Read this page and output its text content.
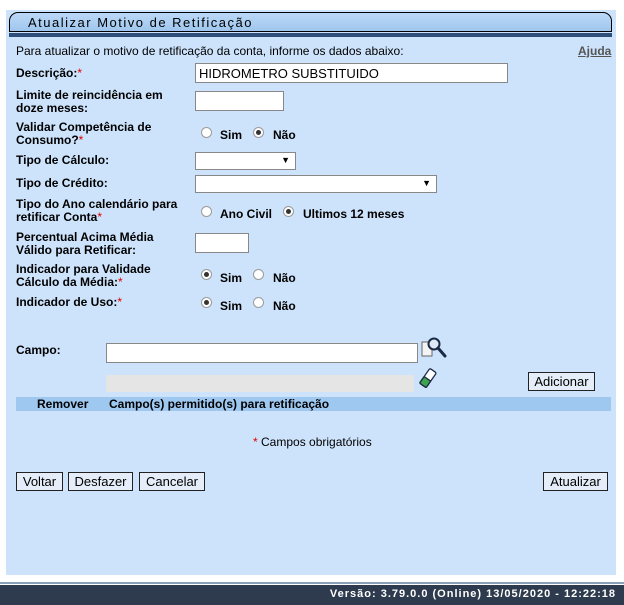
Atualizar Motivo de Retificação
Para atualizar o motivo de retificação da conta, informe os dados abaixo:	Ajuda
Descrição:*
HIDROMETRO SUBSTITUIDO
Limite de reincidência em
doze meses:
Validar Competência de
Consumo?*	Sim	Não
Tipo de Cálculo:	▼
Tipo de Crédito:	▼
Tipo do Ano calendário para
retificar Conta*	Ano Civil	Ultimos 12 meses
Percentual Acima Média
Válido para Retificar:
Indicador para Validade
Cálculo da Média:*	Sim	Não
Indicador de Uso:*	Sim	Não
Campo:
Adicionar
Remover Campo(s) permitido(s) para retificação
* Campos obrigatórios
Voltar	Desfazer	Cancelar	Atualizar
Versão: 3.79.0.0 (Online) 13/05/2020 - 12:22:18
